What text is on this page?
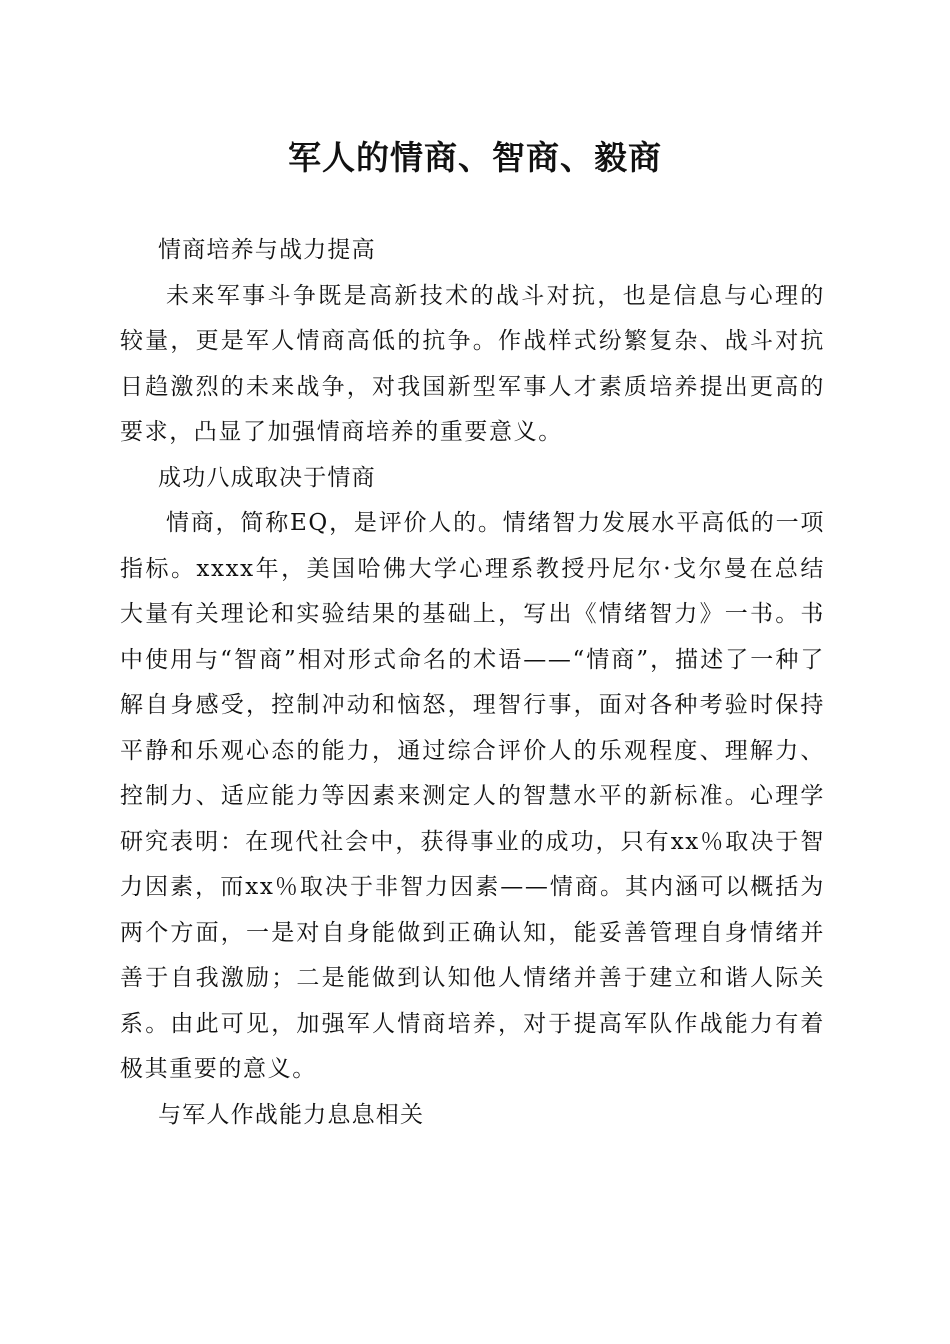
军人的情商、智商、毅商

情商培养与战力提高

未来军事斗争既是高新技术的战斗对抗，也是信息与心理的较量，更是军人情商高低的抗争。作战样式纷繁复杂、战斗对抗日趋激烈的未来战争，对我国新型军事人才素质培养提出更高的要求，凸显了加强情商培养的重要意义。

成功八成取决于情商

情商，简称EQ，是评价人的。情绪智力发展水平高低的一项指标。xxxx年，美国哈佛大学心理系教授丹尼尔·戈尔曼在总结大量有关理论和实验结果的基础上，写出《情绪智力》一书。书中使用与“智商”相对形式命名的术语——“情商”，描述了一种了解自身感受，控制冲动和恼怒，理智行事，面对各种考验时保持平静和乐观心态的能力，通过综合评价人的乐观程度、理解力、控制力、适应能力等因素来测定人的智慧水平的新标准。心理学研究表明：在现代社会中，获得事业的成功，只有xx％取决于智力因素，而xx％取决于非智力因素——情商。其内涵可以概括为两个方面，一是对自身能做到正确认知，能妥善管理自身情绪并善于自我激励；二是能做到认知他人情绪并善于建立和谐人际关系。由此可见，加强军人情商培养，对于提高军队作战能力有着极其重要的意义。

与军人作战能力息息相关
